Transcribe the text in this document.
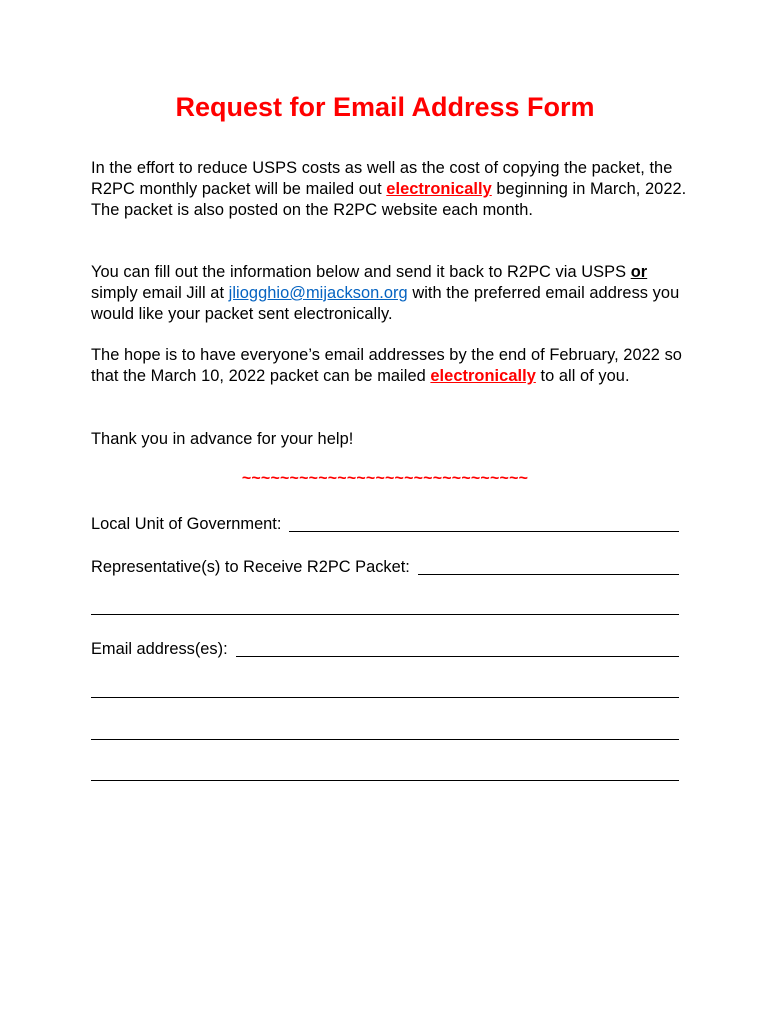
Request for Email Address Form

In the effort to reduce USPS costs as well as the cost of copying the packet, the R2PC monthly packet will be mailed out electronically beginning in March, 2022. The packet is also posted on the R2PC website each month.

You can fill out the information below and send it back to R2PC via USPS or simply email Jill at jliogghio@mijackson.org with the preferred email address you would like your packet sent electronically.

The hope is to have everyone’s email addresses by the end of February, 2022 so that the March 10, 2022 packet can be mailed electronically to all of you.

Thank you in advance for your help!

~~~~~~~~~~~~~~~~~~~~~~~~~~~~~~

Local Unit of Government:
Representative(s) to Receive R2PC Packet:
Email address(es):
